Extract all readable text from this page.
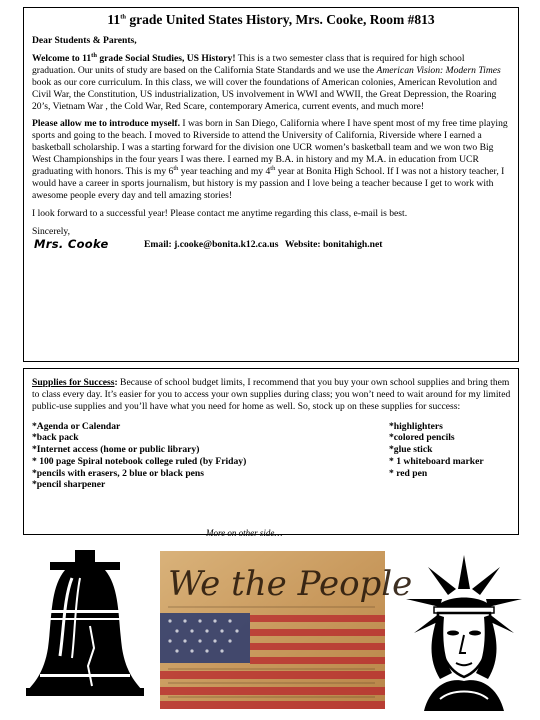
11th grade United States History, Mrs. Cooke, Room #813

Dear Students & Parents,

Welcome to 11th grade Social Studies, US History! This is a two semester class that is required for high school graduation. Our units of study are based on the California State Standards and we use the American Vision: Modern Times book as our core curriculum. In this class, we will cover the foundations of American colonies, American Revolution and Civil War, the Constitution, US industrialization, US involvement in WWI and WWII, the Great Depression, the Roaring 20’s, Vietnam War , the Cold War, Red Scare, contemporary America, current events, and much more!

Please allow me to introduce myself. I was born in San Diego, California where I have spent most of my free time playing sports and going to the beach. I moved to Riverside to attend the University of California, Riverside where I earned a basketball scholarship. I was a starting forward for the division one UCR women’s basketball team and we won two Big West Championships in the four years I was there. I earned my B.A. in history and my M.A. in education from UCR graduating with honors. This is my 6th year teaching and my 4th year at Bonita High School. If I was not a history teacher, I would have a career in sports journalism, but history is my passion and I love being a teacher because I get to work with awesome people every day and tell amazing stories!

I look forward to a successful year! Please contact me anytime regarding this class, e-mail is best.

Sincerely,

Mrs. Cooke	Email: j.cooke@bonita.k12.ca.us Website: bonitahigh.net

Supplies for Success: Because of school budget limits, I recommend that you buy your own school supplies and bring them to class every day. It’s easier for you to access your own supplies during class; you won’t need to wait around for my limited public-use supplies and you’ll have what you need for home as well. So, stock up on these supplies for success:

*Agenda or Calendar
*back pack
*Internet access (home or public library)
* 100 page Spiral notebook college ruled (by Friday)
*pencils with erasers, 2 blue or black pens
*pencil sharpener
*highlighters
*colored pencils
*glue stick
* 1 whiteboard marker
* red pen
More on other side…
We the People
